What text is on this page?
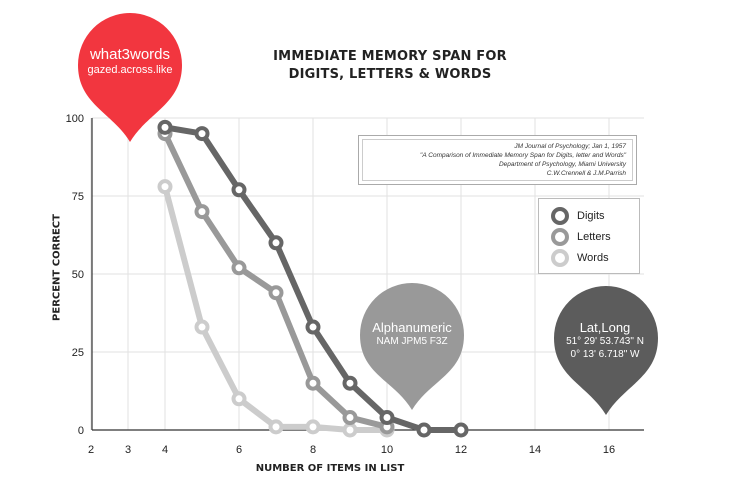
0
25
50
75
100
2	3	4	6	8	10	12	14	16
IMMEDIATE MEMORY SPAN FOR
DIGITS, LETTERS & WORDS
PERCENT CORRECT
NUMBER OF ITEMS IN LIST
JM Journal of Psychology; Jan 1, 1957
"A Comparison of Immediate Memory Span for Digits, letter and Words"
Department of Psychology, Miami University
C.W.Crennell & J.M.Parrish
Digits
Letters
Words
what3words
gazed.across.like
Alphanumeric
NAM JPM5 F3Z
Lat,Long
51° 29' 53.743" N
0° 13' 6.718" W
